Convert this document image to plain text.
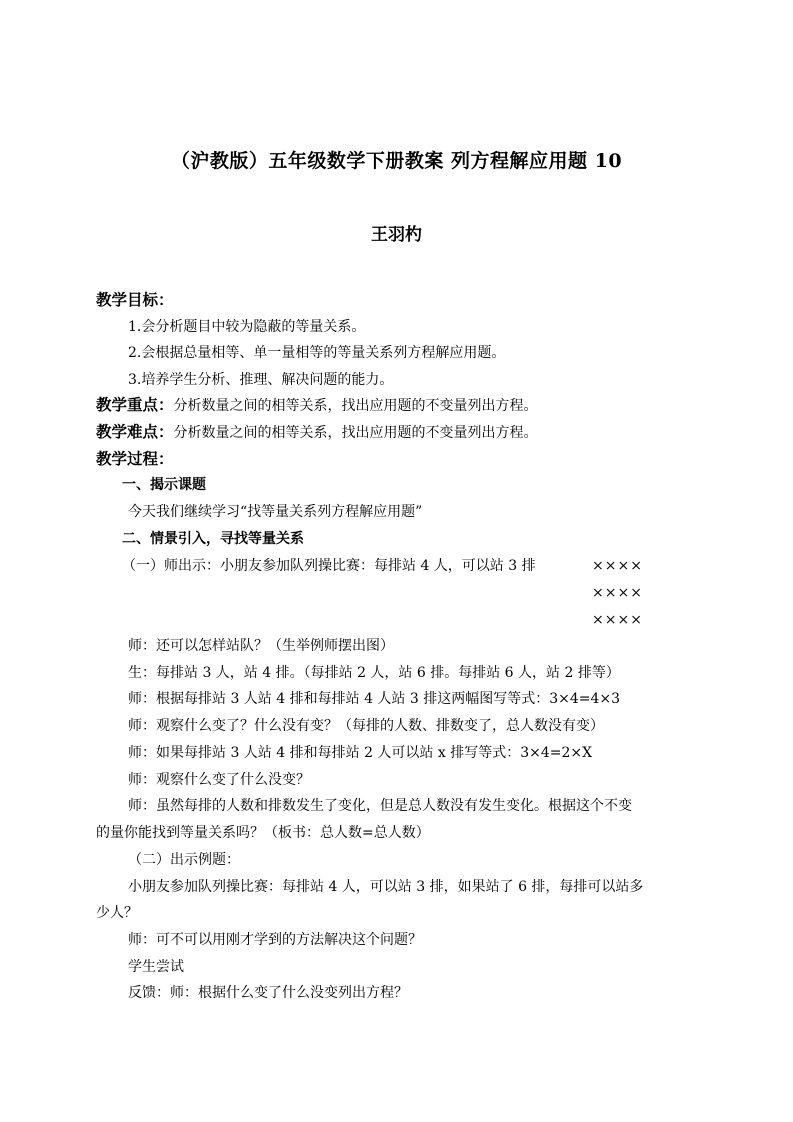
（沪教版）五年级数学下册教案 列方程解应用题 10
王羽杓
教学目标：
1.会分析题目中较为隐蔽的等量关系。
2.会根据总量相等、单一量相等的等量关系列方程解应用题。
3.培养学生分析、推理、解决问题的能力。
教学重点：分析数量之间的相等关系，找出应用题的不变量列出方程。
教学难点：分析数量之间的相等关系，找出应用题的不变量列出方程。
教学过程：
一、揭示课题
今天我们继续学习“找等量关系列方程解应用题”
二、情景引入，寻找等量关系
（一）师出示：小朋友参加队列操比赛：每排站 4 人，可以站 3 排	××××
××××
××××
师：还可以怎样站队？（生举例师摆出图）
生：每排站 3 人，站 4 排。（每排站 2 人，站 6 排。每排站 6 人，站 2 排等）
师：根据每排站 3 人站 4 排和每排站 4 人站 3 排这两幅图写等式：3×4=4×3
师：观察什么变了？什么没有变？（每排的人数、排数变了，总人数没有变）
师：如果每排站 3 人站 4 排和每排站 2 人可以站 x 排写等式：3×4=2×X
师：观察什么变了什么没变？
师：虽然每排的人数和排数发生了变化，但是总人数没有发生变化。根据这个不变
的量你能找到等量关系吗？（板书：总人数=总人数）
（二）出示例题：
小朋友参加队列操比赛：每排站 4 人，可以站 3 排，如果站了 6 排，每排可以站多
少人？
师：可不可以用刚才学到的方法解决这个问题？
学生尝试
反馈：师：根据什么变了什么没变列出方程？
